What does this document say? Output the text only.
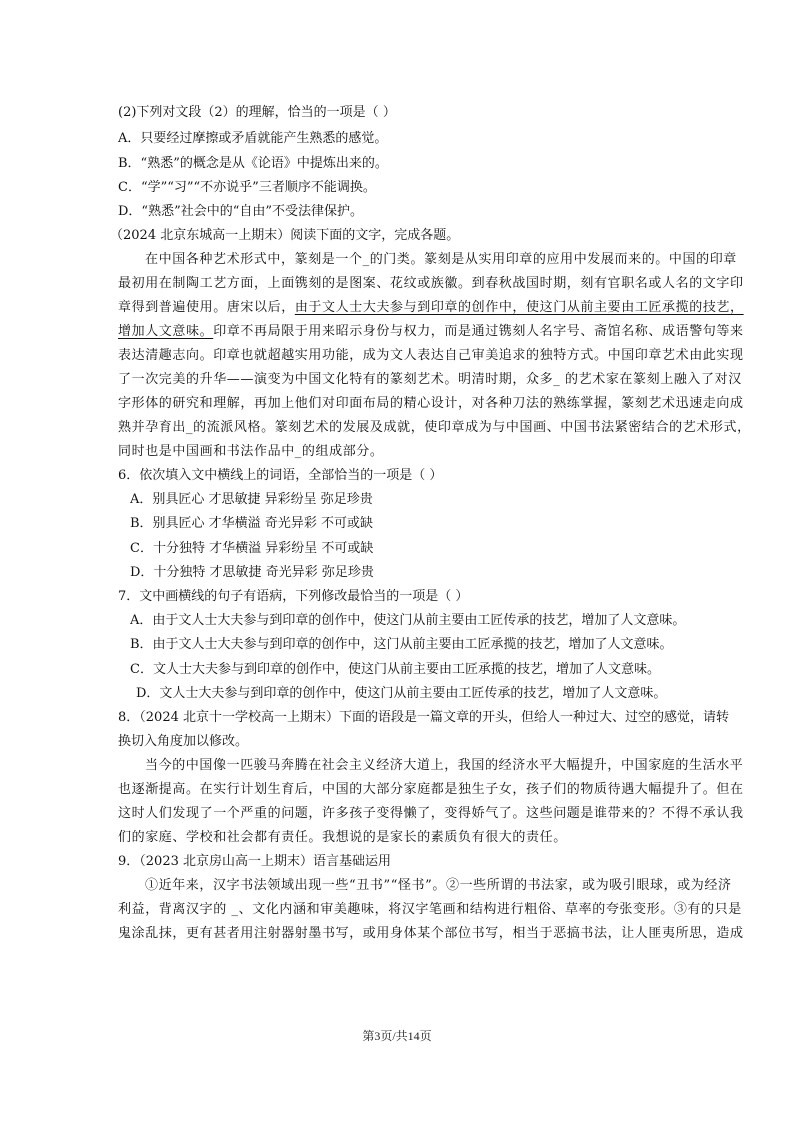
(2)下列对文段（2）的理解，恰当的一项是（ ）
A．只要经过摩擦或矛盾就能产生熟悉的感觉。
B．“熟悉”的概念是从《论语》中提炼出来的。
C．“学”“习”“不亦说乎”三者顺序不能调换。
D．“熟悉”社会中的“自由”不受法律保护。
（2024 北京东城高一上期末）阅读下面的文字，完成各题。
在中国各种艺术形式中，篆刻是一个_的门类。篆刻是从实用印章的应用中发展而来的。中国的印章
最初用在制陶工艺方面，上面镌刻的是图案、花纹或族徽。到春秋战国时期，刻有官职名或人名的文字印
章得到普遍使用。唐宋以后，由于文人士大夫参与到印章的创作中，使这门从前主要由工匠承揽的技艺，
增加人文意味。印章不再局限于用来昭示身份与权力，而是通过镌刻人名字号、斋馆名称、成语警句等来
表达清趣志向。印章也就超越实用功能，成为文人表达自己审美追求的独特方式。中国印章艺术由此实现
了一次完美的升华——演变为中国文化特有的篆刻艺术。明清时期，众多_ 的艺术家在篆刻上融入了对汉
字形体的研究和理解，再加上他们对印面布局的精心设计，对各种刀法的熟练掌握，篆刻艺术迅速走向成
熟并孕育出_的流派风格。篆刻艺术的发展及成就，使印章成为与中国画、中国书法紧密结合的艺术形式，
同时也是中国画和书法作品中_的组成部分。
6．依次填入文中横线上的词语，全部恰当的一项是（ ）
A．别具匠心 才思敏捷 异彩纷呈 弥足珍贵
B．别具匠心 才华横溢 奇光异彩 不可或缺
C．十分独特 才华横溢 异彩纷呈 不可或缺
D．十分独特 才思敏捷 奇光异彩 弥足珍贵
7．文中画横线的句子有语病，下列修改最恰当的一项是（ ）
A．由于文人士大夫参与到印章的创作中，使这门从前主要由工匠传承的技艺，增加了人文意味。
B．由于文人士大夫参与到印章的创作中，这门从前主要由工匠承揽的技艺，增加了人文意味。
C．文人士大夫参与到印章的创作中，使这门从前主要由工匠承揽的技艺，增加了人文意味。
D．文人士大夫参与到印章的创作中，使这门从前主要由工匠传承的技艺，增加了人文意味。
8．（2024 北京十一学校高一上期末）下面的语段是一篇文章的开头，但给人一种过大、过空的感觉，请转
换切入角度加以修改。
当今的中国像一匹骏马奔腾在社会主义经济大道上，我国的经济水平大幅提升，中国家庭的生活水平
也逐渐提高。在实行计划生育后，中国的大部分家庭都是独生子女，孩子们的物质待遇大幅提升了。但在
这时人们发现了一个严重的问题，许多孩子变得懒了，变得娇气了。这些问题是谁带来的？不得不承认我
们的家庭、学校和社会都有责任。我想说的是家长的素质负有很大的责任。
9．（2023 北京房山高一上期末）语言基础运用
①近年来，汉字书法领域出现一些“丑书”“怪书”。②一些所谓的书法家，或为吸引眼球，或为经济
利益，背离汉字的 _、文化内涵和审美趣味，将汉字笔画和结构进行粗俗、草率的夸张变形。③有的只是
鬼涂乱抹，更有甚者用注射器射墨书写，或用身体某个部位书写，相当于恶搞书法，让人匪夷所思，造成
第3页/共14页
